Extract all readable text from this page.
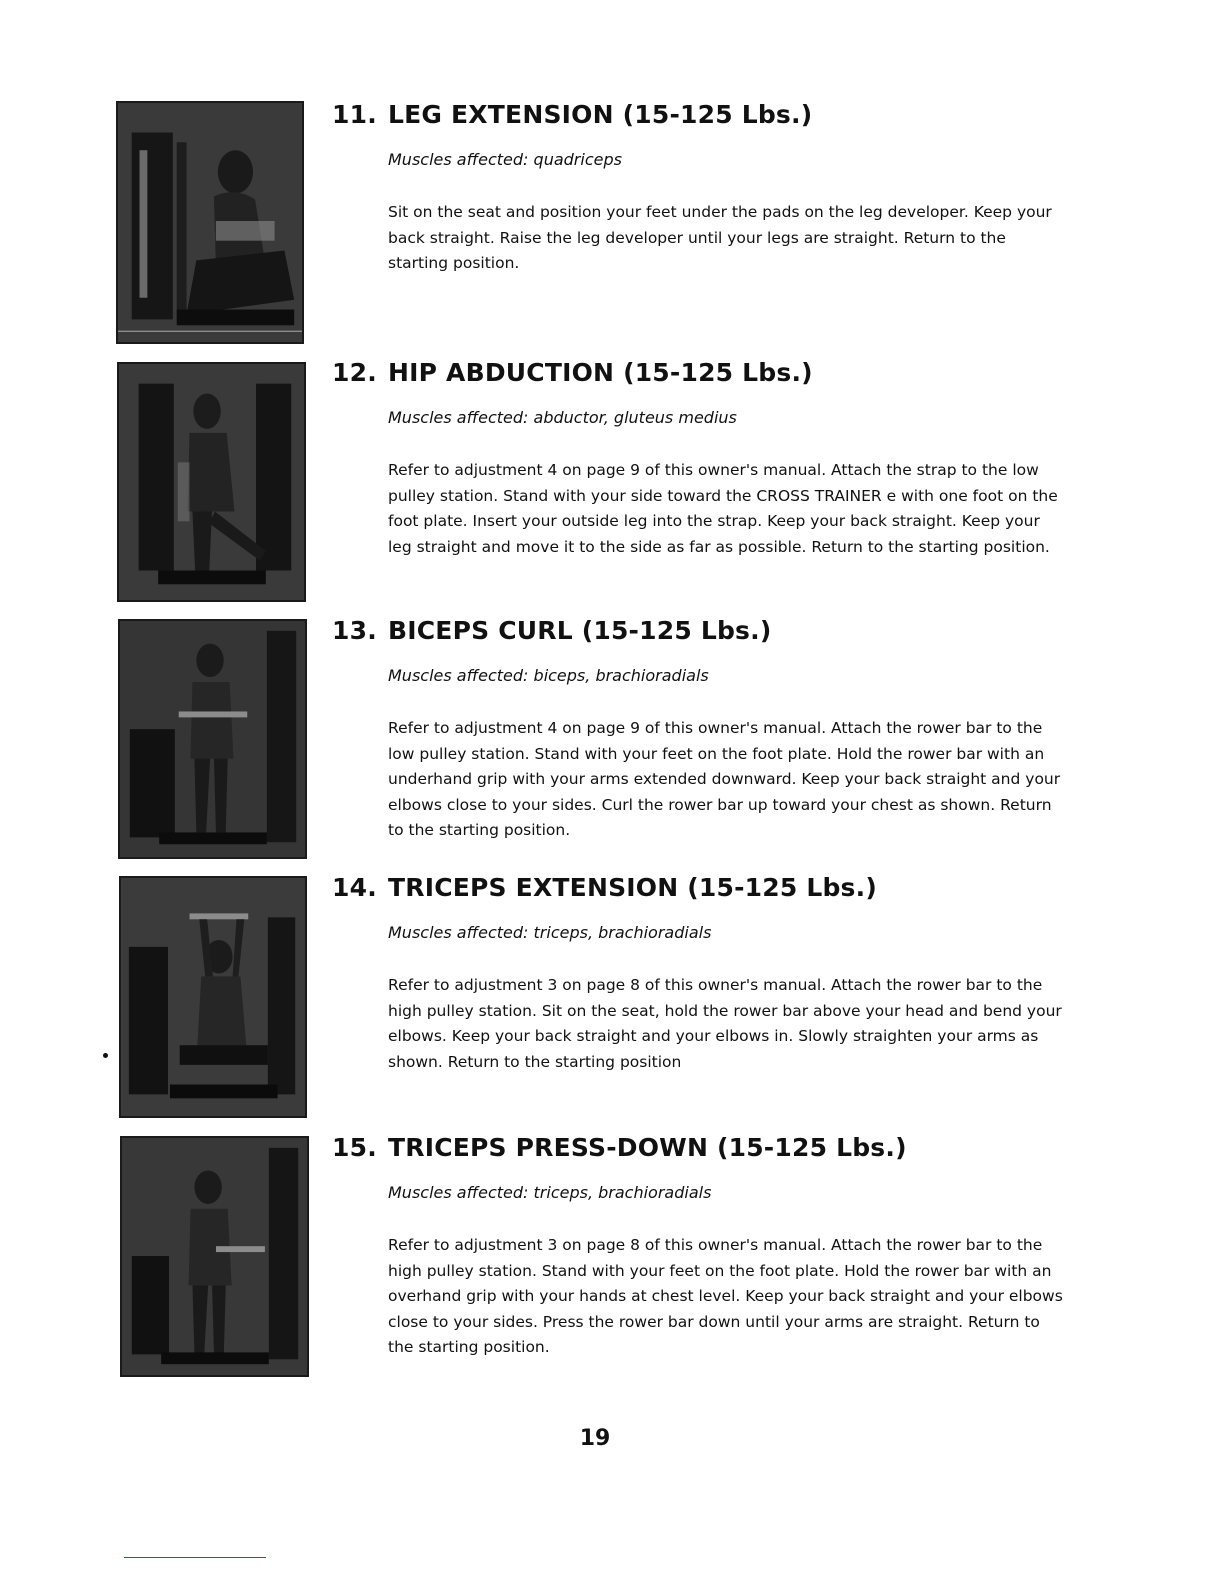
11. LEG EXTENSION (15-125 Lbs.)
Muscles affected: quadriceps

Sit on the seat and position your feet under the pads on the leg developer. Keep your back straight. Raise the leg developer until your legs are straight. Return to the starting position.

12. HIP ABDUCTION (15-125 Lbs.)
Muscles affected: abductor, gluteus medius

Refer to adjustment 4 on page 9 of this owner's manual. Attach the strap to the low pulley station. Stand with your side toward the CROSS TRAINER e with one foot on the foot plate. Insert your outside leg into the strap. Keep your back straight. Keep your leg straight and move it to the side as far as possible. Return to the starting position.

13. BICEPS CURL (15-125 Lbs.)
Muscles affected: biceps, brachioradials

Refer to adjustment 4 on page 9 of this owner's manual. Attach the rower bar to the low pulley station. Stand with your feet on the foot plate. Hold the rower bar with an underhand grip with your arms extended downward. Keep your back straight and your elbows close to your sides. Curl the rower bar up toward your chest as shown. Return to the starting position.

14. TRICEPS EXTENSION (15-125 Lbs.)
Muscles affected: triceps, brachioradials

Refer to adjustment 3 on page 8 of this owner's manual. Attach the rower bar to the high pulley station. Sit on the seat, hold the rower bar above your head and bend your elbows. Keep your back straight and your elbows in. Slowly straighten your arms as shown. Return to the starting position

15. TRICEPS PRESS-DOWN (15-125 Lbs.)
Muscles affected: triceps, brachioradials

Refer to adjustment 3 on page 8 of this owner's manual. Attach the rower bar to the high pulley station. Stand with your feet on the foot plate. Hold the rower bar with an overhand grip with your hands at chest level. Keep your back straight and your elbows close to your sides. Press the rower bar down until your arms are straight. Return to the starting position.

19
